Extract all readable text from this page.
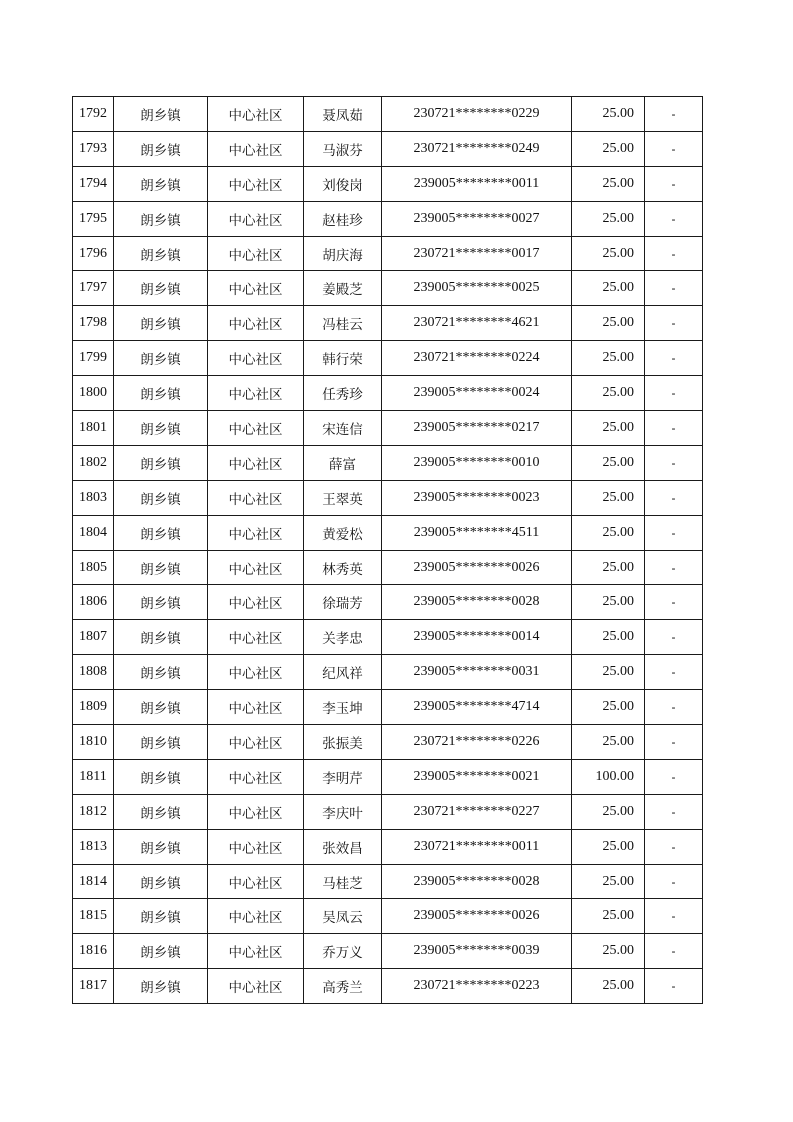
1792	朗乡镇	中心社区	聂凤茹	230721********0229	25.00	-
1793	朗乡镇	中心社区	马淑芬	230721********0249	25.00	-
1794	朗乡镇	中心社区	刘俊岗	239005********0011	25.00	-
1795	朗乡镇	中心社区	赵桂珍	239005********0027	25.00	-
1796	朗乡镇	中心社区	胡庆海	230721********0017	25.00	-
1797	朗乡镇	中心社区	姜殿芝	239005********0025	25.00	-
1798	朗乡镇	中心社区	冯桂云	230721********4621	25.00	-
1799	朗乡镇	中心社区	韩行荣	230721********0224	25.00	-
1800	朗乡镇	中心社区	任秀珍	239005********0024	25.00	-
1801	朗乡镇	中心社区	宋连信	239005********0217	25.00	-
1802	朗乡镇	中心社区	薛富	239005********0010	25.00	-
1803	朗乡镇	中心社区	王翠英	239005********0023	25.00	-
1804	朗乡镇	中心社区	黄爱松	239005********4511	25.00	-
1805	朗乡镇	中心社区	林秀英	239005********0026	25.00	-
1806	朗乡镇	中心社区	徐瑞芳	239005********0028	25.00	-
1807	朗乡镇	中心社区	关孝忠	239005********0014	25.00	-
1808	朗乡镇	中心社区	纪风祥	239005********0031	25.00	-
1809	朗乡镇	中心社区	李玉坤	239005********4714	25.00	-
1810	朗乡镇	中心社区	张振美	230721********0226	25.00	-
1811	朗乡镇	中心社区	李明芹	239005********0021	100.00	-
1812	朗乡镇	中心社区	李庆叶	230721********0227	25.00	-
1813	朗乡镇	中心社区	张效昌	230721********0011	25.00	-
1814	朗乡镇	中心社区	马桂芝	239005********0028	25.00	-
1815	朗乡镇	中心社区	吴凤云	239005********0026	25.00	-
1816	朗乡镇	中心社区	乔万义	239005********0039	25.00	-
1817	朗乡镇	中心社区	高秀兰	230721********0223	25.00	-
